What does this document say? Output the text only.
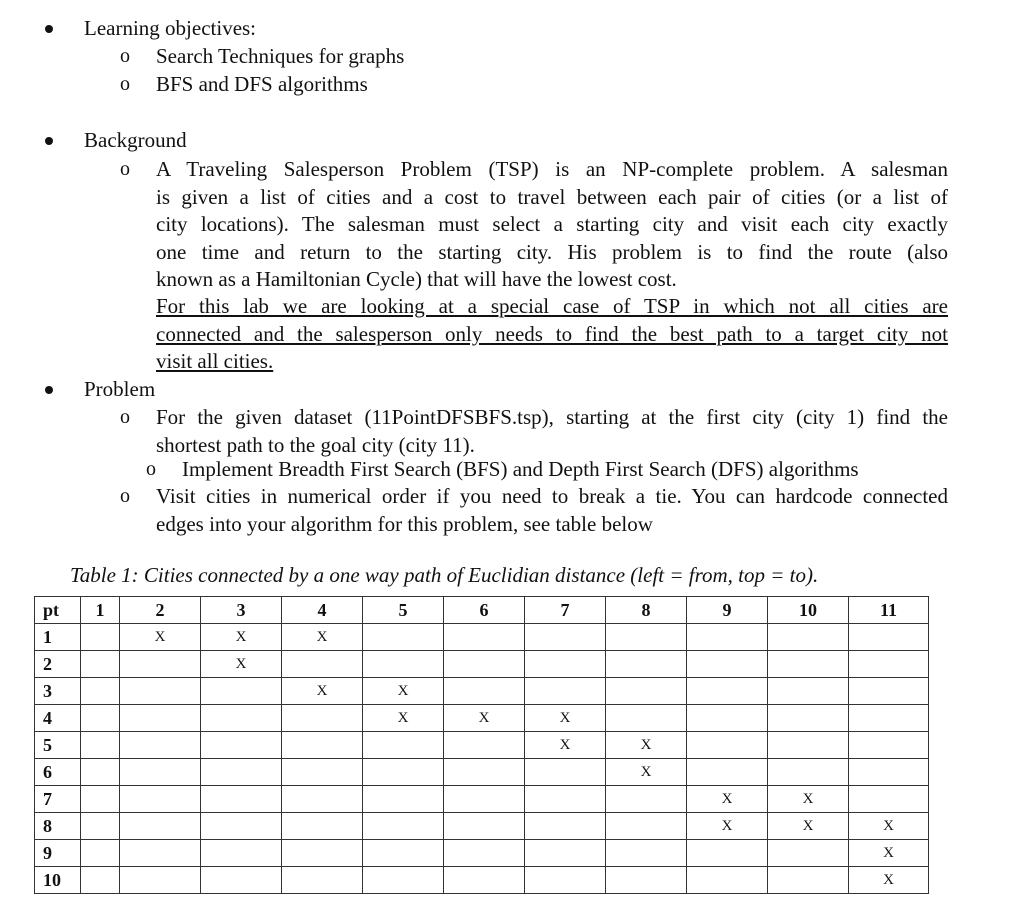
Learning objectives:
o Search Techniques for graphs
o BFS and DFS algorithms
Background
o A Traveling Salesperson Problem (TSP) is an NP-complete problem. A salesman
is given a list of cities and a cost to travel between each pair of cities (or a list of
city locations). The salesman must select a starting city and visit each city exactly
one time and return to the starting city. His problem is to find the route (also
known as a Hamiltonian Cycle) that will have the lowest cost.
For this lab we are looking at a special case of TSP in which not all cities are
connected and the salesperson only needs to find the best path to a target city not
visit all cities.
Problem
o For the given dataset (11PointDFSBFS.tsp), starting at the first city (city 1) find the
shortest path to the goal city (city 11).
o Implement Breadth First Search (BFS) and Depth First Search (DFS) algorithms
o Visit cities in numerical order if you need to break a tie. You can hardcode connected
edges into your algorithm for this problem, see table below
Table 1: Cities connected by a one way path of Euclidian distance (left = from, top = to).
pt	1	2	3	4	5	6	7	8	9	10	11
1		X	X	X							
2			X								
3				X	X						
4					X	X	X				
5							X	X			
6								X			
7									X	X	
8									X	X	X
9											X
10											X
